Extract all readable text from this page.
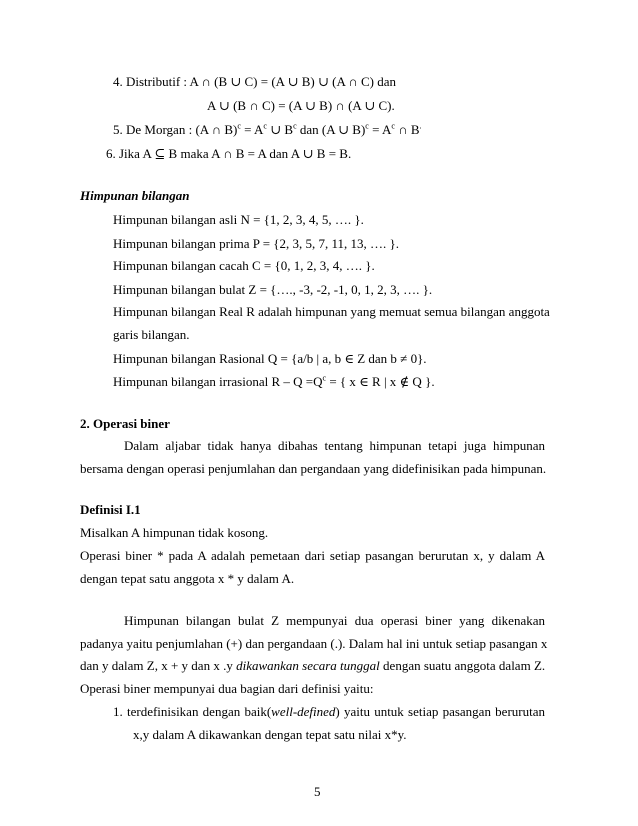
4. Distributif : A ∩ (B ∪ C) = (A ∪ B) ∪ (A ∩ C) dan
A ∪ (B ∩ C) = (A ∪ B) ∩ (A ∪ C).
5. De Morgan : (A ∩ $B)^c = A^c$ ∪ $B^c$ dan (A ∪ $B)^c = A^c$ ∩ B.
6. Jika A ⊆ B maka A ∩ B = A dan A ∪ B = B.
Himpunan bilangan
Himpunan bilangan asli N = {1, 2, 3, 4, 5, …. }.
Himpunan bilangan prima P = {2, 3, 5, 7, 11, 13, …. }.
Himpunan bilangan cacah C = {0, 1, 2, 3, 4, …. }.
Himpunan bilangan bulat Z = {…., -3, -2, -1, 0, 1, 2, 3, …. }.
Himpunan bilangan Real R adalah himpunan yang memuat semua bilangan anggota
garis bilangan.
Himpunan bilangan Rasional Q = {a/b | a, b ∈ Z dan b ≠ 0}.
Himpunan bilangan irrasional $R - Q =Q^c$ = { x ∈ R | x ∉ Q }.
2. Operasi biner
Dalam aljabar tidak hanya dibahas tentang himpunan tetapi juga himpunan
bersama dengan operasi penjumlahan dan pergandaan yang didefinisikan pada himpunan.
Definisi I.1
Misalkan A himpunan tidak kosong.
Operasi biner * pada A adalah pemetaan dari setiap pasangan berurutan x, y dalam A
dengan tepat satu anggota x * y dalam A.
Himpunan bilangan bulat Z mempunyai dua operasi biner yang dikenakan
padanya yaitu penjumlahan (+) dan pergandaan (.). Dalam hal ini untuk setiap pasangan x
dan y dalam Z, x + y dan x .y dikawankan secara tunggal dengan suatu anggota dalam Z.
Operasi biner mempunyai dua bagian dari definisi yaitu:
1. terdefinisikan dengan baik(well-defined) yaitu untuk setiap pasangan berurutan
x,y dalam A dikawankan dengan tepat satu nilai x*y.
5
